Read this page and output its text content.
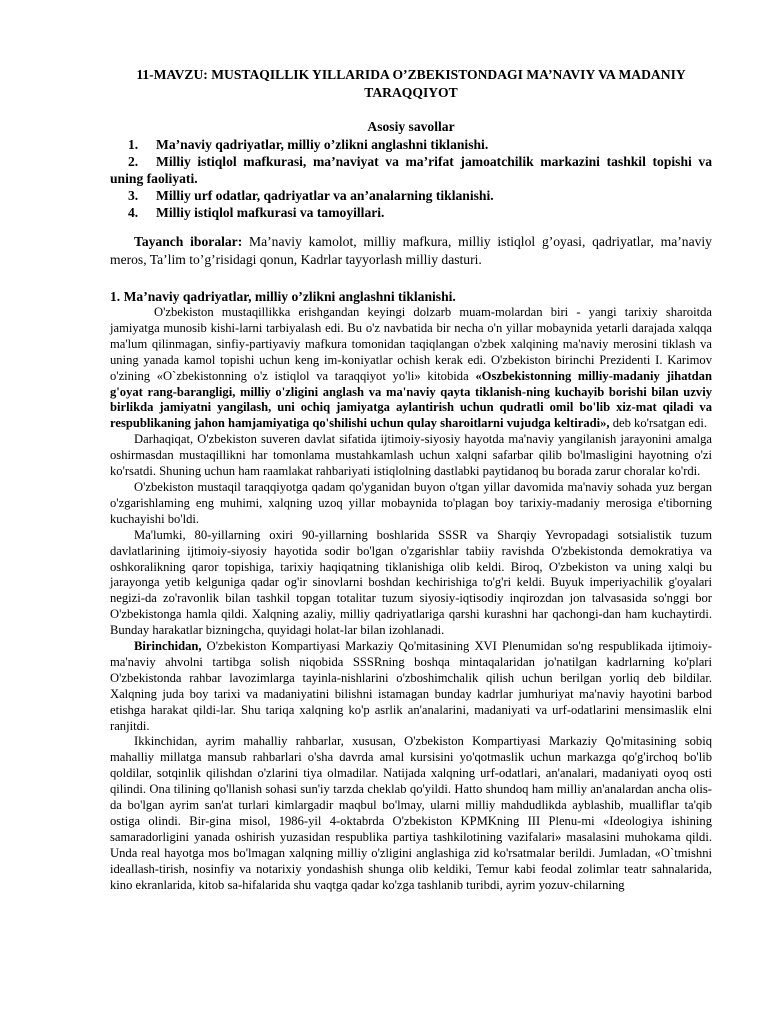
11-MAVZU: MUSTAQILLIK YILLARIDA O’ZBEKISTONDAGI MA’NAVIY VA MADANIY TARAQQIYOT
Asosiy savollar
1. Ma’naviy qadriyatlar, milliy o’zlikni anglashni tiklanishi.
2. Milliy istiqlol mafkurasi, ma’naviyat va ma’rifat jamoatchilik markazini tashkil topishi va uning faoliyati.
3. Milliy urf odatlar, qadriyatlar va an’analarning tiklanishi.
4. Milliy istiqlol mafkurasi va tamoyillari.

Tayanch iboralar: Ma’naviy kamolot, milliy mafkura, milliy istiqlol g’oyasi, qadriyatlar, ma’naviy meros, Ta’lim to’g’risidagi qonun, Kadrlar tayyorlash milliy dasturi.

1. Ma’naviy qadriyatlar, milliy o’zlikni anglashni tiklanishi.

O'zbekiston mustaqillikka erishgandan keyingi dolzarb muam-molardan biri - yangi tarixiy sharoitda jamiyatga munosib kishi-larni tarbiyalash edi. Bu o'z navbatida bir necha o'n yillar mobaynida yetarli darajada xalqqa ma'lum qilinmagan, sinfiy-partiyaviy mafkura tomonidan taqiqlangan o'zbek xalqining ma'naviy merosini tiklash va uning yanada kamol topishi uchun keng im-koniyatlar ochish kerak edi. O'zbekiston birinchi Prezidenti I. Karimov o'zining «O`zbekistonning o'z istiqlol va taraqqiyot yo'li» kitobida «Oszbekistonning milliy-madaniy jihatdan g'oyat rang-barangligi, milliy o'zligini anglash va ma'naviy qayta tiklanish-ning kuchayib borishi bilan uzviy birlikda jamiyatni yangilash, uni ochiq jamiyatga aylantirish uchun qudratli omil bo'lib xiz-mat qiladi va respublikaning jahon hamjamiyatiga qo'shilishi uchun qulay sharoitlarni vujudga keltiradi», deb ko'rsatgan edi.

Darhaqiqat, O'zbekiston suveren davlat sifatida ijtimoiy-siyosiy hayotda ma'naviy yangilanish jarayonini amalga oshirmasdan mustaqillikni har tomonlama mustahkamlash uchun xalqni safarbar qilib bo'lmasligini hayotning o'zi ko'rsatdi. Shuning uchun ham raamlakat rahbariyati istiqlolning dastlabki paytidanoq bu borada zarur choralar ko'rdi.

O'zbekiston mustaqil taraqqiyotga qadam qo'yganidan buyon o'tgan yillar davomida ma'naviy sohada yuz bergan o'zgarishlaming eng muhimi, xalqning uzoq yillar mobaynida to'plagan boy tarixiy-madaniy merosiga e'tiborning kuchayishi bo'ldi.

Ma'lumki, 80-yillarning oxiri 90-yillarning boshlarida SSSR va Sharqiy Yevropadagi sotsialistik tuzum davlatlarining ijtimoiy-siyosiy hayotida sodir bo'lgan o'zgarishlar tabiiy ravishda O'zbekistonda demokratiya va oshkoralikning qaror topishiga, tarixiy haqiqatning tiklanishiga olib keldi. Biroq, O'zbekiston va uning xalqi bu jarayonga yetib kelguniga qadar og'ir sinovlarni boshdan kechirishiga to'g'ri keldi. Buyuk imperiyachilik g'oyalari negizi-da zo'ravonlik bilan tashkil topgan totalitar tuzum siyosiy-iqtisodiy inqirozdan jon talvasasida so'nggi bor O'zbekistonga hamla qildi. Xalqning azaliy, milliy qadriyatlariga qarshi kurashni har qachongi-dan ham kuchaytirdi. Bunday harakatlar bizningcha, quyidagi holat-lar bilan izohlanadi.

Birinchidan, O'zbekiston Kompartiyasi Markaziy Qo'mitasining XVI Plenumidan so'ng respublikada ijtimoiy-ma'naviy ahvolni tartibga solish niqobida SSSRning boshqa mintaqalaridan jo'natilgan kadrlarning ko'plari O'zbekistonda rahbar lavozimlarga tayinla-nishlarini o'zboshimchalik qilish uchun berilgan yorliq deb bildilar. Xalqning juda boy tarixi va madaniyatini bilishni istamagan bunday kadrlar jumhuriyat ma'naviy hayotini barbod etishga harakat qildi-lar. Shu tariqa xalqning ko'p asrlik an'analarini, madaniyati va urf-odatlarini mensimaslik elni ranjitdi.

Ikkinchidan, ayrim mahalliy rahbarlar, xususan, O'zbekiston Kompartiyasi Markaziy Qo'mitasining sobiq mahalliy millatga mansub rahbarlari o'sha davrda amal kursisini yo'qotmaslik uchun markazga qo'g'irchoq bo'lib qoldilar, sotqinlik qilishdan o'zlarini tiya olmadilar. Natijada xalqning urf-odatlari, an'analari, madaniyati oyoq osti qilindi. Ona tilining qo'llanish sohasi sun'iy tarzda cheklab qo'yildi. Hatto shundoq ham milliy an'analardan ancha olis-da bo'lgan ayrim san'at turlari kimlargadir maqbul bo'lmay, ularni milliy mahdudlikda ayblashib, mualliflar ta'qib ostiga olindi. Bir-gina misol, 1986-yil 4-oktabrda O'zbekiston KPMKning III Plenu-mi «Ideologiya ishining samaradorligini yanada oshirish yuzasidan respublika partiya tashkilotining vazifalari» masalasini muhokama qildi. Unda real hayotga mos bo'lmagan xalqning milliy o'zligini anglashiga zid ko'rsatmalar berildi. Jumladan, «O`tmishni ideallash-tirish, nosinfiy va notarixiy yondashish shunga olib keldiki, Temur kabi feodal zolimlar teatr sahnalarida, kino ekranlarida, kitob sa-hifalarida shu vaqtga qadar ko'zga tashlanib turibdi, ayrim yozuv-chilarning
